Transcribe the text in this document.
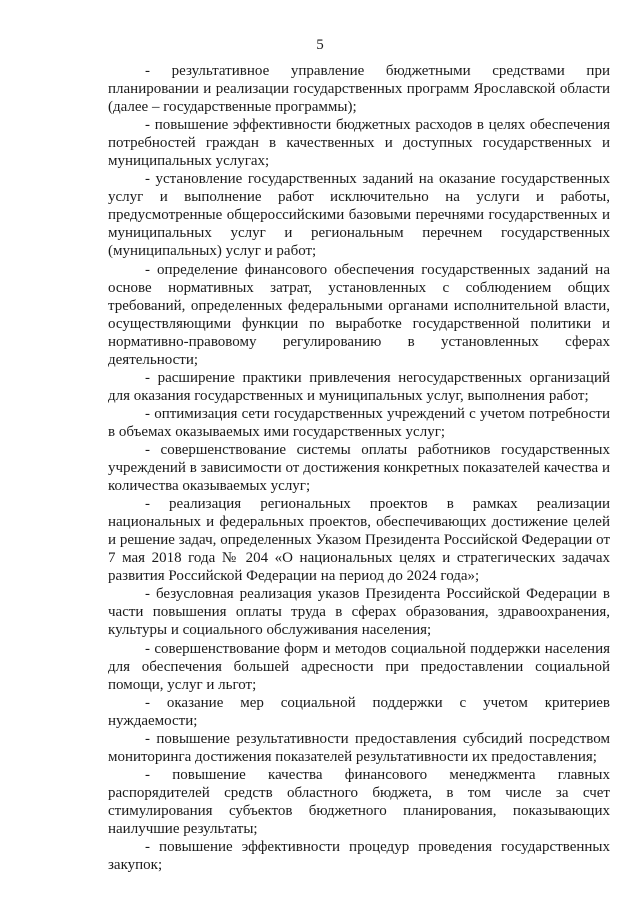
5

- результативное управление бюджетными средствами при планировании и реализации государственных программ Ярославской области (далее – государственные программы);

- повышение эффективности бюджетных расходов в целях обеспечения потребностей граждан в качественных и доступных государственных и муниципальных услугах;

- установление государственных заданий на оказание государственных услуг и выполнение работ исключительно на услуги и работы, предусмотренные общероссийскими базовыми перечнями государственных и муниципальных услуг и региональным перечнем государственных (муниципальных) услуг и работ;

- определение финансового обеспечения государственных заданий на основе нормативных затрат, установленных с соблюдением общих требований, определенных федеральными органами исполнительной власти, осуществляющими функции по выработке государственной политики и нормативно-правовому регулированию в установленных сферах деятельности;

- расширение практики привлечения негосударственных организаций для оказания государственных и муниципальных услуг, выполнения работ;

- оптимизация сети государственных учреждений с учетом потребности в объемах оказываемых ими государственных услуг;

- совершенствование системы оплаты работников государственных учреждений в зависимости от достижения конкретных показателей качества и количества оказываемых услуг;

- реализация региональных проектов в рамках реализации национальных и федеральных проектов, обеспечивающих достижение целей и решение задач, определенных Указом Президента Российской Федерации от 7 мая 2018 года № 204 «О национальных целях и стратегических задачах развития Российской Федерации на период до 2024 года»;

- безусловная реализация указов Президента Российской Федерации в части повышения оплаты труда в сферах образования, здравоохранения, культуры и социального обслуживания населения;

- совершенствование форм и методов социальной поддержки населения для обеспечения большей адресности при предоставлении социальной помощи, услуг и льгот;

- оказание мер социальной поддержки с учетом критериев нуждаемости;

- повышение результативности предоставления субсидий посредством мониторинга достижения показателей результативности их предоставления;

- повышение качества финансового менеджмента главных распорядителей средств областного бюджета, в том числе за счет стимулирования субъектов бюджетного планирования, показывающих наилучшие результаты;

- повышение эффективности процедур проведения государственных закупок;
